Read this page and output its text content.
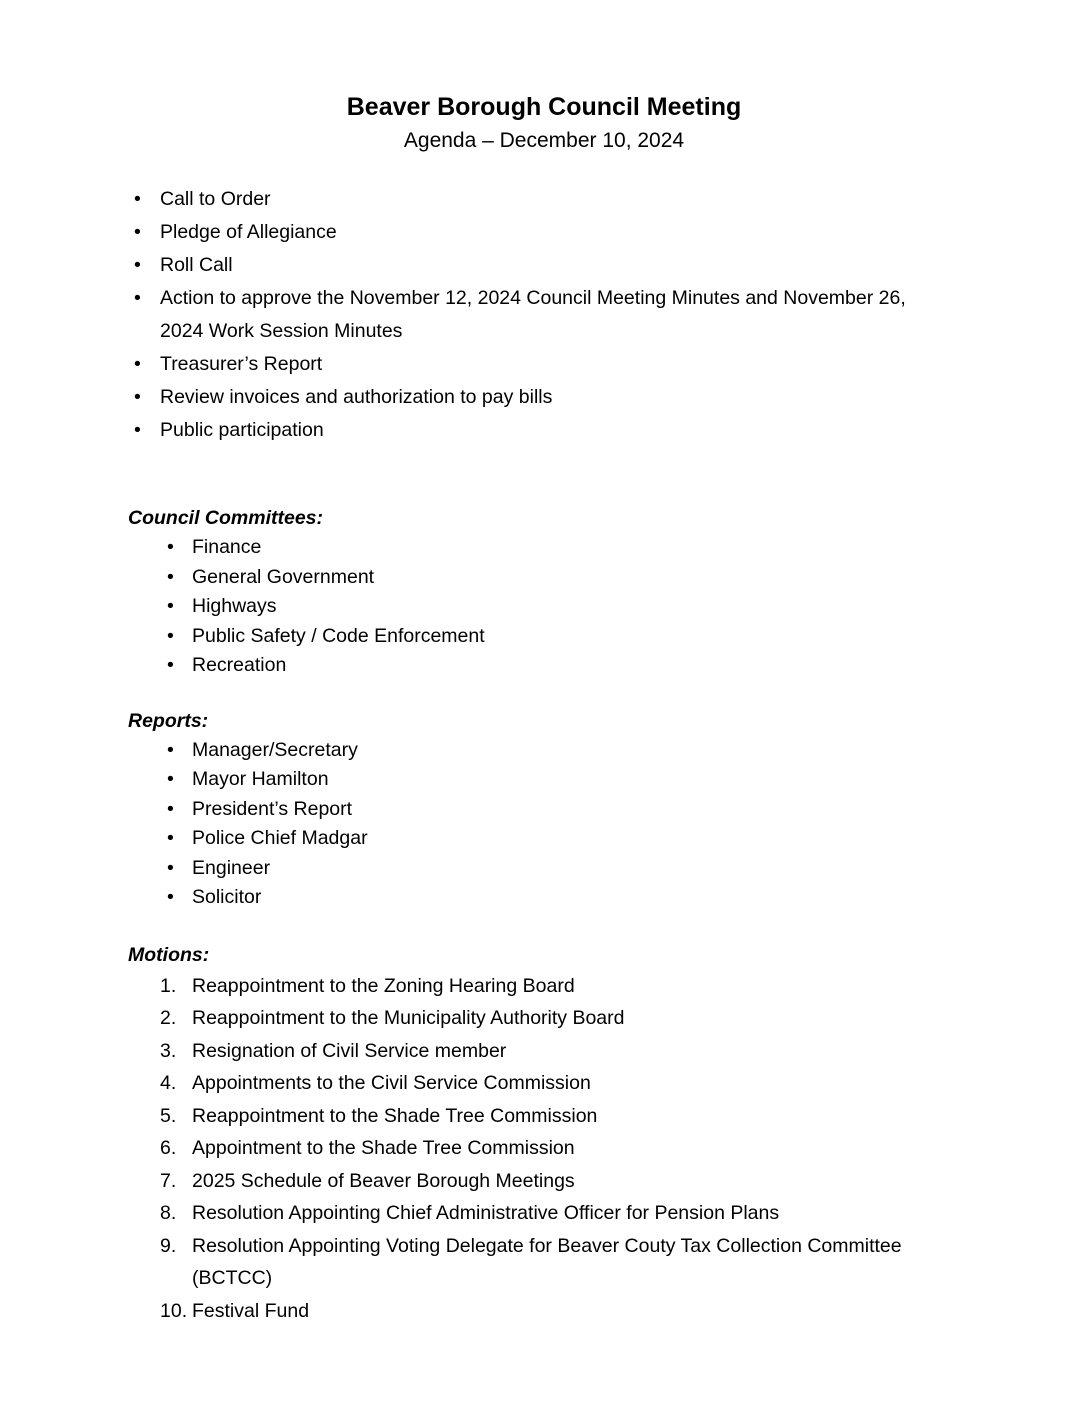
Beaver Borough Council Meeting
Agenda – December 10, 2024
• Call to Order
• Pledge of Allegiance
• Roll Call
• Action to approve the November 12, 2024 Council Meeting Minutes and November 26, 2024 Work Session Minutes
• Treasurer’s Report
• Review invoices and authorization to pay bills
• Public participation
Council Committees:
• Finance
• General Government
• Highways
• Public Safety / Code Enforcement
• Recreation
Reports:
• Manager/Secretary
• Mayor Hamilton
• President’s Report
• Police Chief Madgar
• Engineer
• Solicitor
Motions:
1. Reappointment to the Zoning Hearing Board
2. Reappointment to the Municipality Authority Board
3. Resignation of Civil Service member
4. Appointments to the Civil Service Commission
5. Reappointment to the Shade Tree Commission
6. Appointment to the Shade Tree Commission
7. 2025 Schedule of Beaver Borough Meetings
8. Resolution Appointing Chief Administrative Officer for Pension Plans
9. Resolution Appointing Voting Delegate for Beaver Couty Tax Collection Committee (BCTCC)
10. Festival Fund
